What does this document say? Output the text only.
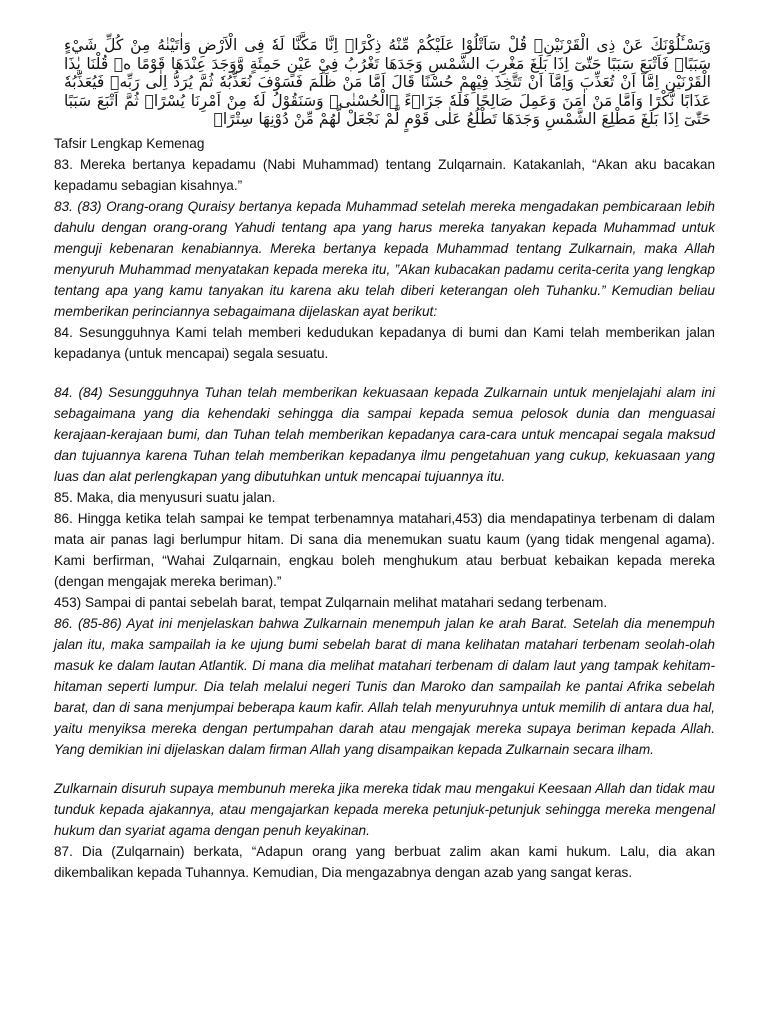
وَيَسْـَٔلُوْنَكَ عَنْ ذِى الْقَرْنَيْنِۗ قُلْ سَاَتْلُوْا عَلَيْكُمْ مِّنْهُ ذِكْرًاۗ اِنَّا مَكَّنَّا لَهٗ فِى الْاَرْضِ وَاٰتَيْنٰهُ مِنْ كُلِّ شَيْءٍ سَبَبًاۙ فَاَتْبَعَ سَبَبًا حَتّٰىٓ اِذَا بَلَغَ مَغْرِبَ الشَّمْسِ وَجَدَهَا تَغْرُبُ فِيْ عَيْنٍ حَمِئَةٍ وَّوَجَدَ عِنْدَهَا قَوْمًا ەۗ قُلْنَا يٰذَا الْقَرْنَيْنِ اِمَّآ اَنْ تُعَذِّبَ وَاِمَّآ اَنْ تَتَّخِذَ فِيْهِمْ حُسْنًا قَالَ اَمَّا مَنْ ظَلَمَ فَسَوْفَ نُعَذِّبُهٗ ثُمَّ يُرَدُّ اِلٰى رَبِّهٖ فَيُعَذِّبُهٗ عَذَابًا نُّكْرًا وَاَمَّا مَنْ اٰمَنَ وَعَمِلَ صَالِحًا فَلَهٗ جَزَاۤءً ۨالْحُسْنٰىۚ وَسَنَقُوْلُ لَهٗ مِنْ اَمْرِنَا يُسْرًاۗ ثُمَّ اَتْبَعَ سَبَبًا حَتّٰىٓ اِذَا بَلَغَ مَطْلِعَ الشَّمْسِ وَجَدَهَا تَطْلُعُ عَلٰى قَوْمٍ لَّمْ نَجْعَلْ لَّهُمْ مِّنْ دُوْنِهَا سِتْرًاۙ

Tafsir Lengkap Kemenag

83. Mereka bertanya kepadamu (Nabi Muhammad) tentang Zulqarnain. Katakanlah, “Akan aku bacakan kepadamu sebagian kisahnya.”

83. (83) Orang-orang Quraisy bertanya kepada Muhammad setelah mereka mengadakan pembicaraan lebih dahulu dengan orang-orang Yahudi tentang apa yang harus mereka tanyakan kepada Muhammad untuk menguji kebenaran kenabiannya. Mereka bertanya kepada Muhammad tentang Zulkarnain, maka Allah menyuruh Muhammad menyatakan kepada mereka itu, ”Akan kubacakan padamu cerita-cerita yang lengkap tentang apa yang kamu tanyakan itu karena aku telah diberi keterangan oleh Tuhanku.” Kemudian beliau memberikan perinciannya sebagaimana dijelaskan ayat berikut:

84. Sesungguhnya Kami telah memberi kedudukan kepadanya di bumi dan Kami telah memberikan jalan kepadanya (untuk mencapai) segala sesuatu.

84. (84) Sesungguhnya Tuhan telah memberikan kekuasaan kepada Zulkarnain untuk menjelajahi alam ini sebagaimana yang dia kehendaki sehingga dia sampai kepada semua pelosok dunia dan menguasai kerajaan-kerajaan bumi, dan Tuhan telah memberikan kepadanya cara-cara untuk mencapai segala maksud dan tujuannya karena Tuhan telah memberikan kepadanya ilmu pengetahuan yang cukup, kekuasaan yang luas dan alat perlengkapan yang dibutuhkan untuk mencapai tujuannya itu.

85. Maka, dia menyusuri suatu jalan.

86. Hingga ketika telah sampai ke tempat terbenamnya matahari,453) dia mendapatinya terbenam di dalam mata air panas lagi berlumpur hitam. Di sana dia menemukan suatu kaum (yang tidak mengenal agama). Kami berfirman, “Wahai Zulqarnain, engkau boleh menghukum atau berbuat kebaikan kepada mereka (dengan mengajak mereka beriman).”

453) Sampai di pantai sebelah barat, tempat Zulqarnain melihat matahari sedang terbenam.

86. (85-86) Ayat ini menjelaskan bahwa Zulkarnain menempuh jalan ke arah Barat. Setelah dia menempuh jalan itu, maka sampailah ia ke ujung bumi sebelah barat di mana kelihatan matahari terbenam seolah-olah masuk ke dalam lautan Atlantik. Di mana dia melihat matahari terbenam di dalam laut yang tampak kehitam-hitaman seperti lumpur. Dia telah melalui negeri Tunis dan Maroko dan sampailah ke pantai Afrika sebelah barat, dan di sana menjumpai beberapa kaum kafir. Allah telah menyuruhnya untuk memilih di antara dua hal, yaitu menyiksa mereka dengan pertumpahan darah atau mengajak mereka supaya beriman kepada Allah. Yang demikian ini dijelaskan dalam firman Allah yang disampaikan kepada Zulkarnain secara ilham.

Zulkarnain disuruh supaya membunuh mereka jika mereka tidak mau mengakui Keesaan Allah dan tidak mau tunduk kepada ajakannya, atau mengajarkan kepada mereka petunjuk-petunjuk sehingga mereka mengenal hukum dan syariat agama dengan penuh keyakinan.

87. Dia (Zulqarnain) berkata, “Adapun orang yang berbuat zalim akan kami hukum. Lalu, dia akan dikembalikan kepada Tuhannya. Kemudian, Dia mengazabnya dengan azab yang sangat keras.
